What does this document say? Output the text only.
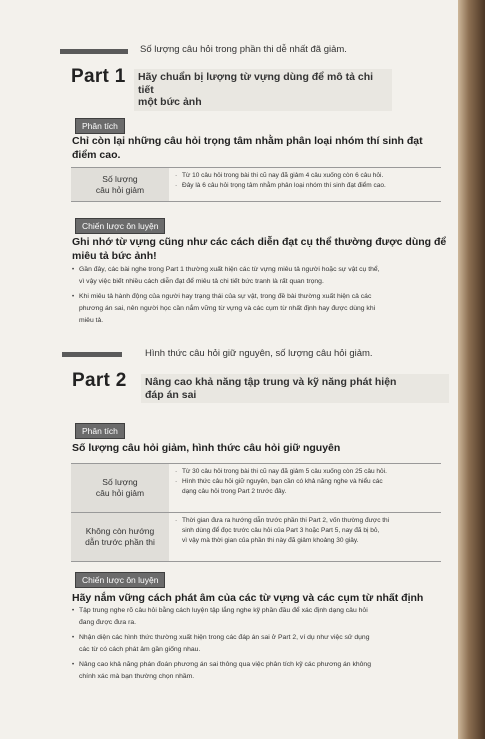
Số lượng câu hỏi trong phần thi dễ nhất đã giảm.
Part 1 Hãy chuẩn bị lượng từ vựng dùng để mô tả chi tiết
một bức ảnh
Phân tích
Chỉ còn lại những câu hỏi trọng tâm nhằm phân loại nhóm thí sinh đạt
điểm cao.
Số lượng
câu hỏi giảm
· Từ 10 câu hỏi trong bài thi cũ nay đã giảm 4 câu xuống còn 6 câu hỏi.
· Đây là 6 câu hỏi trọng tâm nhằm phân loại nhóm thí sinh đạt điểm cao.
Chiến lược ôn luyện
Ghi nhớ từ vựng cũng như các cách diễn đạt cụ thể thường được dùng để
miêu tả bức ảnh!
• Gần đây, các bài nghe trong Part 1 thường xuất hiện các từ vựng miêu tả người hoặc sự vật cụ thể,
vì vậy việc biết nhiều cách diễn đạt để miêu tả chi tiết bức tranh là rất quan trọng.
• Khi miêu tả hành động của người hay trạng thái của sự vật, trong đề bài thường xuất hiện cả các
phương án sai, nên người học cần nắm vững từ vựng và các cụm từ nhất định hay được dùng khi
miêu tả.
Hình thức câu hỏi giữ nguyên, số lượng câu hỏi giảm.
Part 2 Nâng cao khả năng tập trung và kỹ năng phát hiện
đáp án sai
Phân tích
Số lượng câu hỏi giảm, hình thức câu hỏi giữ nguyên
Số lượng
câu hỏi giảm
· Từ 30 câu hỏi trong bài thi cũ nay đã giảm 5 câu xuống còn 25 câu hỏi.
· Hình thức câu hỏi giữ nguyên, bạn cần có khả năng nghe và hiểu các
dạng câu hỏi trong Part 2 trước đây.
Không còn hướng
dẫn trước phần thi
· Thời gian đưa ra hướng dẫn trước phần thi Part 2, vốn thường được thi
sinh dùng để đọc trước câu hỏi của Part 3 hoặc Part 5, nay đã bị bỏ,
vì vậy mà thời gian của phần thi này đã giảm khoảng 30 giây.
Chiến lược ôn luyện
Hãy nắm vững cách phát âm của các từ vựng và các cụm từ nhất định
• Tập trung nghe rõ câu hỏi bằng cách luyện tập lắng nghe kỹ phần đầu để xác định dạng câu hỏi
đang được đưa ra.
• Nhận diện các hình thức thường xuất hiện trong các đáp án sai ở Part 2, ví dụ như việc sử dụng
các từ có cách phát âm gần giống nhau.
• Nâng cao khả năng phán đoán phương án sai thông qua việc phân tích kỹ các phương án không
chính xác mà bạn thường chọn nhầm.
